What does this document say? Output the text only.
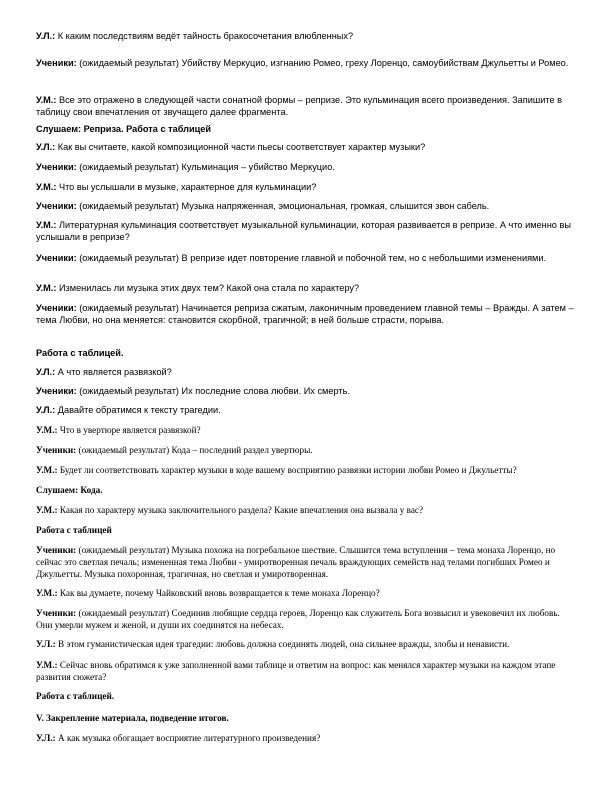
У.Л.: К каким последствиям ведёт тайность бракосочетания влюбленных?

Ученики: (ожидаемый результат) Убийству Меркуцио, изгнанию Ромео, греху Лоренцо, самоубийствам Джульетты и Ромео.

У.М.: Все это отражено в следующей части сонатной формы – репризе. Это кульминация всего произведения. Запишите в таблицу свои впечатления от звучащего далее фрагмента.

Слушаем: Реприза. Работа с таблицей

У.Л.: Как вы считаете, какой композиционной части пьесы соответствует характер музыки?

Ученики: (ожидаемый результат) Кульминация – убийство Меркуцио.

У.М.: Что вы услышали в музыке, характерное для кульминации?

Ученики: (ожидаемый результат) Музыка напряженная, эмоциональная, громкая, слышится звон сабель.

У.М.: Литературная кульминация соответствует музыкальной кульминации, которая развивается в репризе. А что именно вы услышали в репризе?

Ученики: (ожидаемый результат) В репризе идет повторение главной и побочной тем, но с небольшими изменениями.

У.М.: Изменилась ли музыка этих двух тем? Какой она стала по характеру?

Ученики: (ожидаемый результат) Начинается реприза сжатым, лаконичным проведением главной темы – Вражды. А затем – тема Любви, но она меняется: становится скорбной, трагичной; в ней больше страсти, порыва.

Работа с таблицей.

У.Л.: А что является развязкой?

Ученики: (ожидаемый результат) Их последние слова любви. Их смерть.

У.Л.: Давайте обратимся к тексту трагедии.

У.М.: Что в увертюре является развязкой?

Ученики: (ожидаемый результат) Кода – последний раздел увертюры.

У.М.: Будет ли соответствовать характер музыки в коде вашему восприятию развязки истории любви Ромео и Джульетты?

Слушаем: Кода.

У.М.: Какая по характеру музыка заключительного раздела? Какие впечатления она вызвала у вас?

Работа с таблицей

Ученики: (ожидаемый результат) Музыка похожа на погребальное шествие. Слышится тема вступления – тема монаха Лоренцо, но сейчас это светлая печаль; измененная тема Любви - умиротворенная печаль враждующих семейств над телами погибших Ромео и Джульетты. Музыка похоронная, трагичная, но светлая и умиротворенная.

У.М.: Как вы думаете, почему Чайковский вновь возвращается к теме монаха Лоренцо?

Ученики: (ожидаемый результат) Соединив любящие сердца героев, Лоренцо как служитель Бога возвысил и увековечил их любовь. Они умерли мужем и женой, и души их соединятся на небесах.

У.Л.: В этом гуманистическая идея трагедии: любовь должна соединять людей, она сильнее вражды, злобы и ненависти.

У.М.: Сейчас вновь обратимся к уже заполненной вами таблице и ответим на вопрос: как менялся характер музыки на каждом этапе развития сюжета?

Работа с таблицей.

V. Закрепление материала, подведение итогов.

У.Л.: А как музыка обогащает восприятие литературного произведения?
